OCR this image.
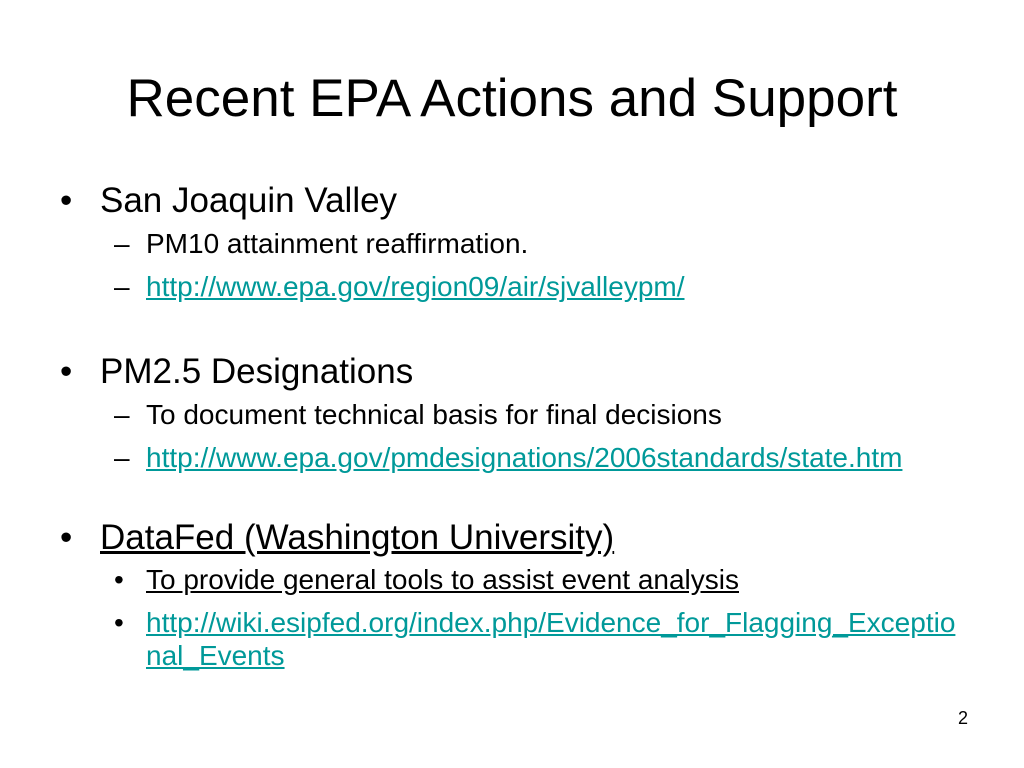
Recent EPA Actions and Support
• San Joaquin Valley
– PM10 attainment reaffirmation.
– http://www.epa.gov/region09/air/sjvalleypm/
• PM2.5 Designations
– To document technical basis for final decisions
– http://www.epa.gov/pmdesignations/2006standards/state.htm
• DataFed (Washington University)
• To provide general tools to assist event analysis
• http://wiki.esipfed.org/index.php/Evidence_for_Flagging_Exceptional_Events
2
